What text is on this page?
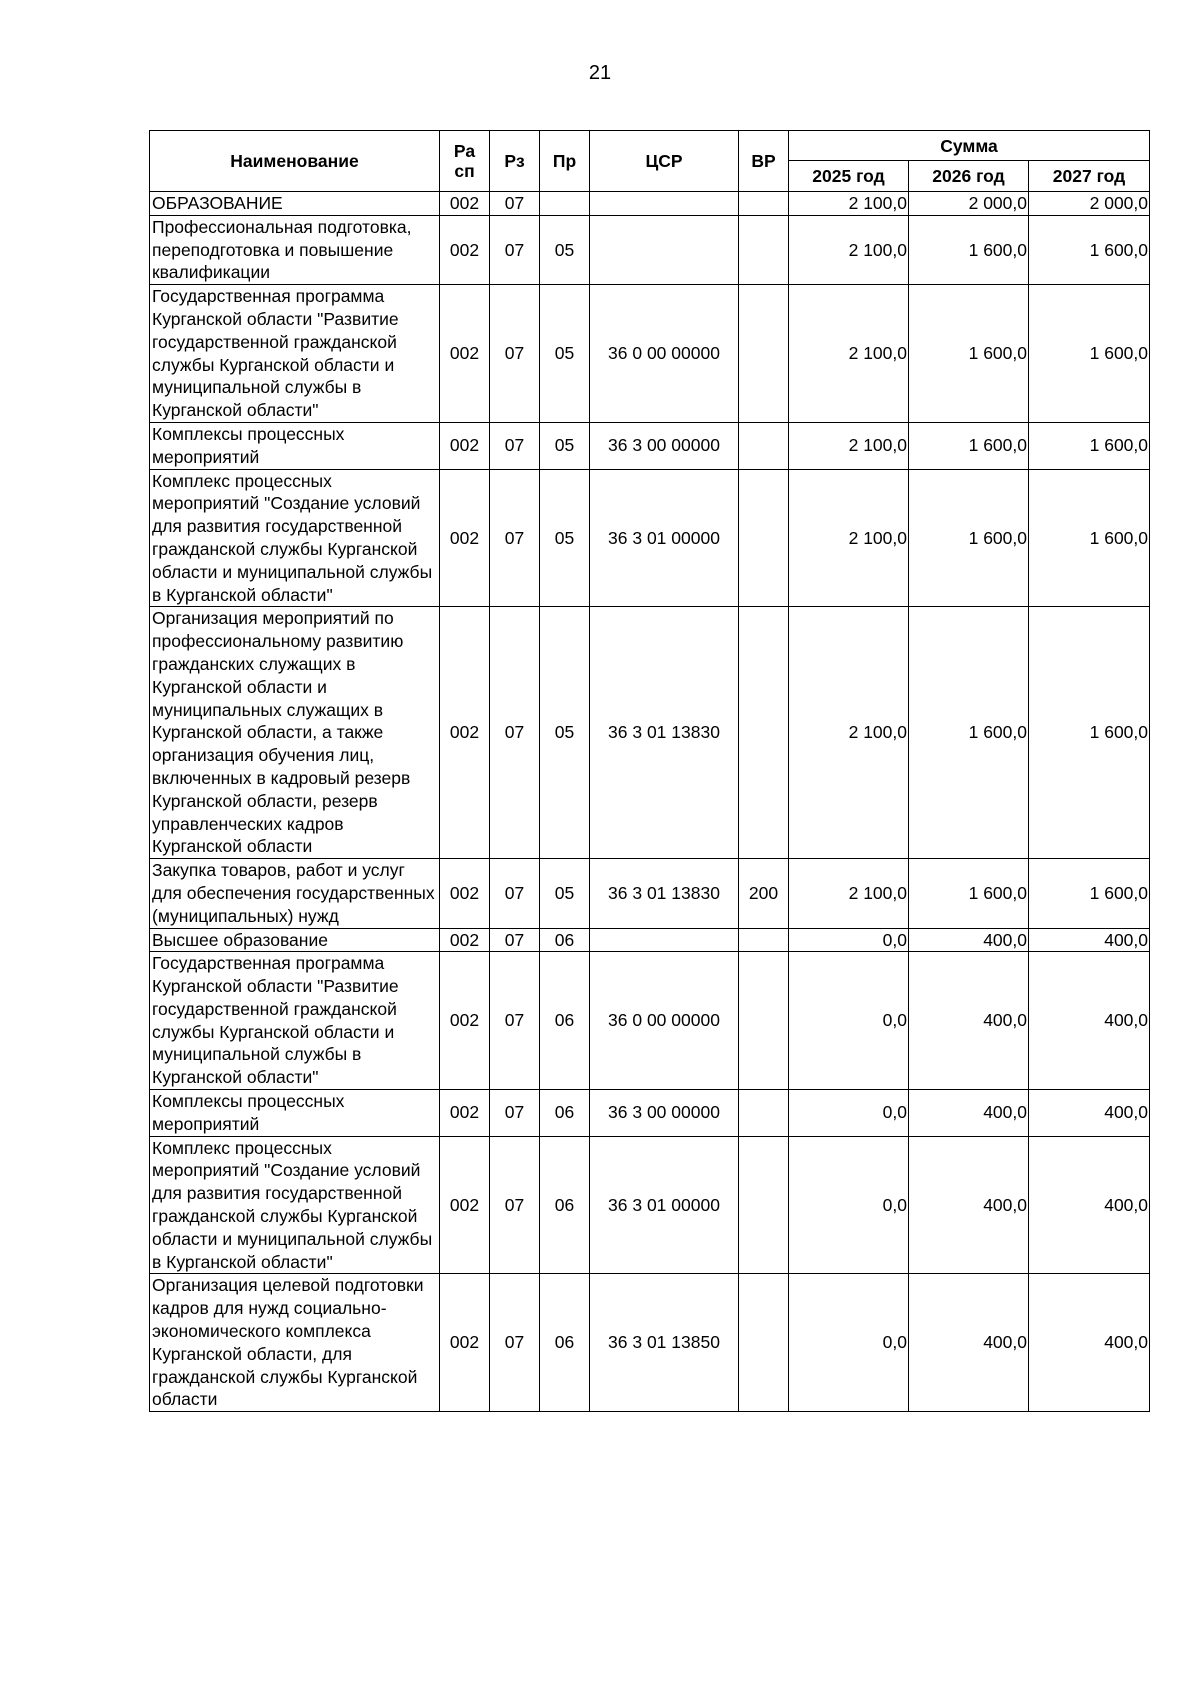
21
Наименование	Ра сп	Рз	Пр	ЦСР	ВР	Сумма		
						2025 год	2026 год	2027 год
ОБРАЗОВАНИЕ	002	07				2 100,0	2 000,0	2 000,0
Профессиональная подготовка, переподготовка и повышение квалификации	002	07	05			2 100,0	1 600,0	1 600,0
Государственная программа Курганской области "Развитие государственной гражданской службы Курганской области и муниципальной службы в Курганской области"	002	07	05	36 0 00 00000		2 100,0	1 600,0	1 600,0
Комплексы процессных мероприятий	002	07	05	36 3 00 00000		2 100,0	1 600,0	1 600,0
Комплекс процессных мероприятий "Создание условий для развития государственной гражданской службы Курганской области и муниципальной службы в Курганской области"	002	07	05	36 3 01 00000		2 100,0	1 600,0	1 600,0
Организация мероприятий по профессиональному развитию гражданских служащих в Курганской области и муниципальных служащих в Курганской области, а также организация обучения лиц, включенных в кадровый резерв Курганской области, резерв управленческих кадров Курганской области	002	07	05	36 3 01 13830		2 100,0	1 600,0	1 600,0
Закупка товаров, работ и услуг для обеспечения государственных (муниципальных) нужд	002	07	05	36 3 01 13830	200	2 100,0	1 600,0	1 600,0
Высшее образование	002	07	06			0,0	400,0	400,0
Государственная программа Курганской области "Развитие государственной гражданской службы Курганской области и муниципальной службы в Курганской области"	002	07	06	36 0 00 00000		0,0	400,0	400,0
Комплексы процессных мероприятий	002	07	06	36 3 00 00000		0,0	400,0	400,0
Комплекс процессных мероприятий "Создание условий для развития государственной гражданской службы Курганской области и муниципальной службы в Курганской области"	002	07	06	36 3 01 00000		0,0	400,0	400,0
Организация целевой подготовки кадров для нужд социально-экономического комплекса Курганской области, для гражданской службы Курганской области	002	07	06	36 3 01 13850		0,0	400,0	400,0
